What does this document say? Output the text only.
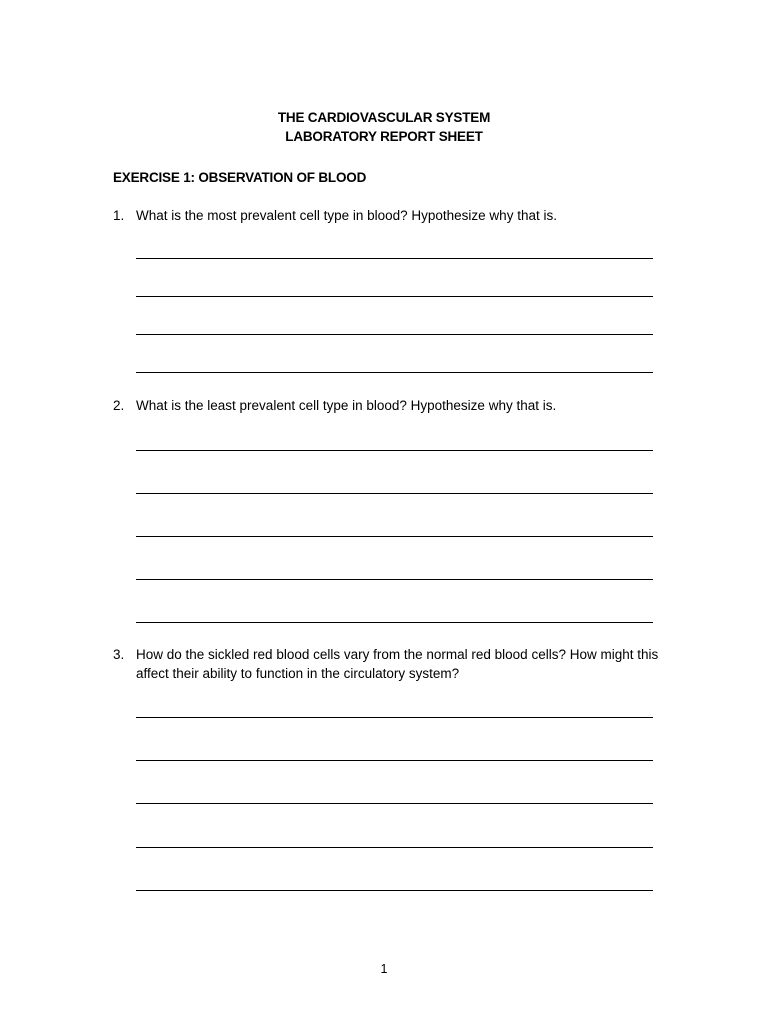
THE CARDIOVASCULAR SYSTEM
LABORATORY REPORT SHEET
EXERCISE 1: OBSERVATION OF BLOOD
1. What is the most prevalent cell type in blood? Hypothesize why that is.
2. What is the least prevalent cell type in blood? Hypothesize why that is.
3. How do the sickled red blood cells vary from the normal red blood cells? How might this affect their ability to function in the circulatory system?
1
